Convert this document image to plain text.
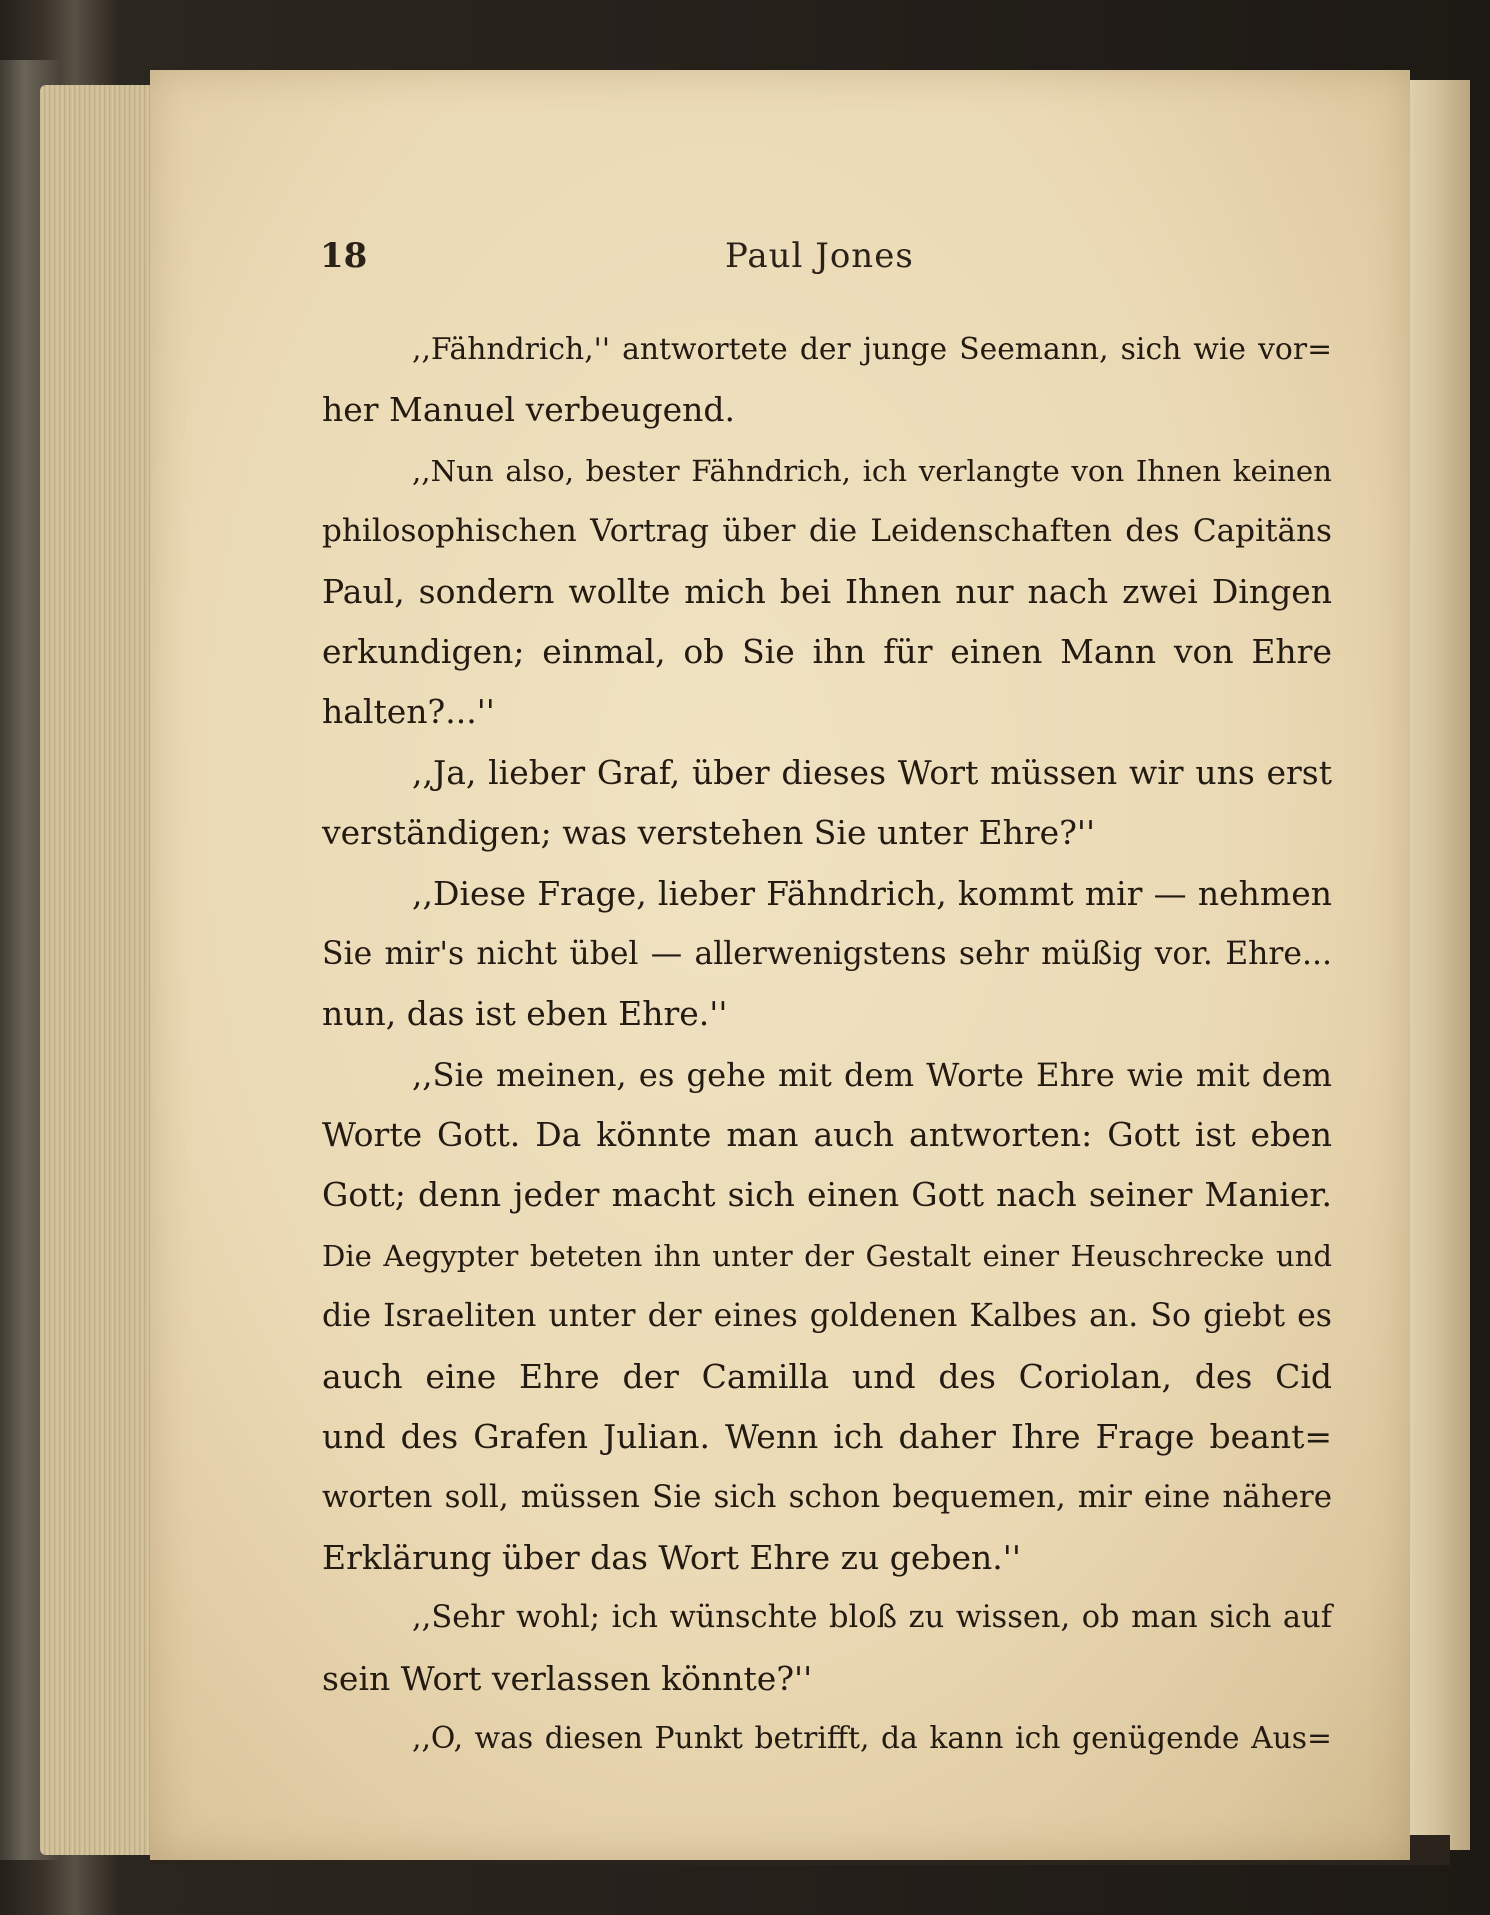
18	Paul Jones
,,Fähndrich,'' antwortete der junge Seemann, sich wie vor=
her Manuel verbeugend.
,,Nun also, bester Fähndrich, ich verlangte von Ihnen keinen
philosophischen Vortrag über die Leidenschaften des Capitäns
Paul, sondern wollte mich bei Ihnen nur nach zwei Dingen
erkundigen; einmal, ob Sie ihn für einen Mann von Ehre
halten?...''
,,Ja, lieber Graf, über dieses Wort müssen wir uns erst
verständigen; was verstehen Sie unter Ehre?''
,,Diese Frage, lieber Fähndrich, kommt mir — nehmen
Sie mir's nicht übel — allerwenigstens sehr müßig vor. Ehre...
nun, das ist eben Ehre.''
,,Sie meinen, es gehe mit dem Worte Ehre wie mit dem
Worte Gott. Da könnte man auch antworten: Gott ist eben
Gott; denn jeder macht sich einen Gott nach seiner Manier.
Die Aegypter beteten ihn unter der Gestalt einer Heuschrecke und
die Israeliten unter der eines goldenen Kalbes an. So giebt es
auch eine Ehre der Camilla und des Coriolan, des Cid
und des Grafen Julian. Wenn ich daher Ihre Frage beant=
worten soll, müssen Sie sich schon bequemen, mir eine nähere
Erklärung über das Wort Ehre zu geben.''
,,Sehr wohl; ich wünschte bloß zu wissen, ob man sich auf
sein Wort verlassen könnte?''
,,O, was diesen Punkt betrifft, da kann ich genügende Aus=
